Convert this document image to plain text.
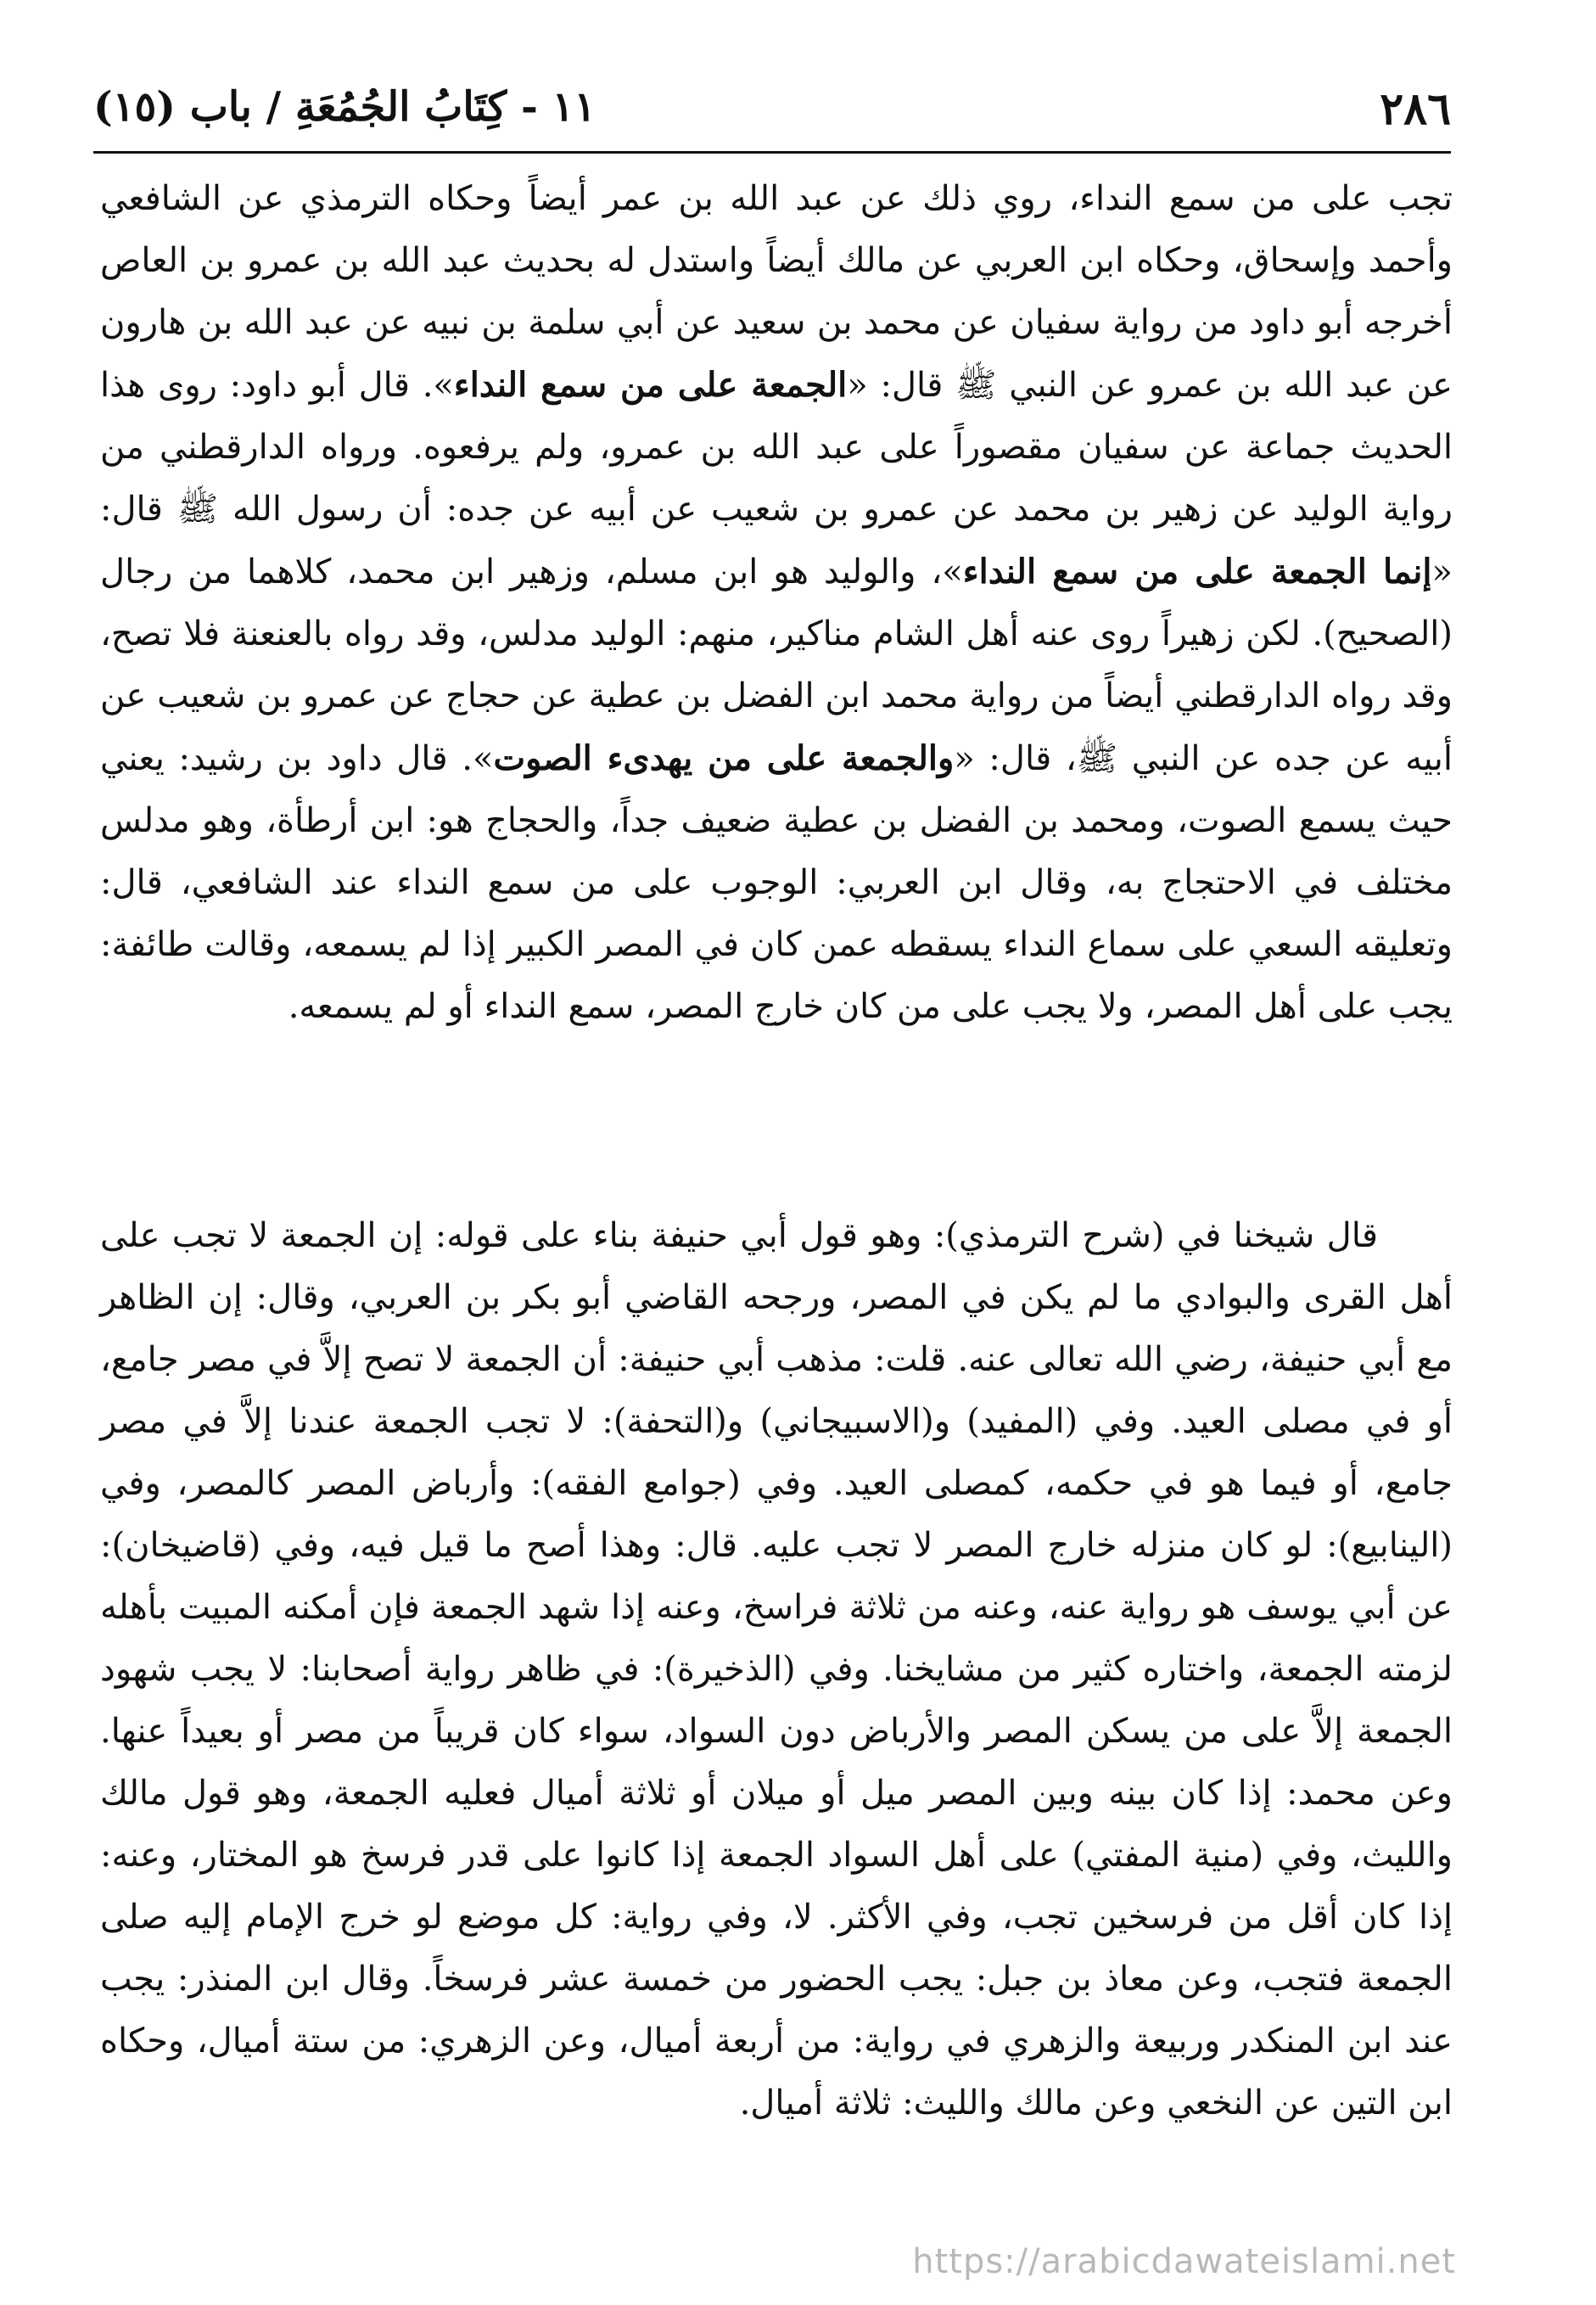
٢٨٦
١١ - كِتَابُ الجُمُعَةِ / باب (١٥)
تجب على من سمع النداء، روي ذلك عن عبد الله بن عمر أيضاً وحكاه الترمذي عن الشافعي وأحمد وإسحاق، وحكاه ابن العربي عن مالك أيضاً واستدل له بحديث عبد الله بن عمرو بن العاص أخرجه أبو داود من رواية سفيان عن محمد بن سعيد عن أبي سلمة بن نبيه عن عبد الله بن هارون عن عبد الله بن عمرو عن النبي ﷺ قال: «الجمعة على من سمع النداء». قال أبو داود: روى هذا الحديث جماعة عن سفيان مقصوراً على عبد الله بن عمرو، ولم يرفعوه. ورواه الدارقطني من رواية الوليد عن زهير بن محمد عن عمرو بن شعيب عن أبيه عن جده: أن رسول الله ﷺ قال: «إنما الجمعة على من سمع النداء»، والوليد هو ابن مسلم، وزهير ابن محمد، كلاهما من رجال (الصحيح). لكن زهيراً روى عنه أهل الشام مناكير، منهم: الوليد مدلس، وقد رواه بالعنعنة فلا تصح، وقد رواه الدارقطني أيضاً من رواية محمد ابن الفضل بن عطية عن حجاج عن عمرو بن شعيب عن أبيه عن جده عن النبي ﷺ، قال: «والجمعة على من يهدىء الصوت». قال داود بن رشيد: يعني حيث يسمع الصوت، ومحمد بن الفضل بن عطية ضعيف جداً، والحجاج هو: ابن أرطأة، وهو مدلس مختلف في الاحتجاج به، وقال ابن العربي: الوجوب على من سمع النداء عند الشافعي، قال: وتعليقه السعي على سماع النداء يسقطه عمن كان في المصر الكبير إذا لم يسمعه، وقالت طائفة: يجب على أهل المصر، ولا يجب على من كان خارج المصر، سمع النداء أو لم يسمعه.
قال شيخنا في (شرح الترمذي): وهو قول أبي حنيفة بناء على قوله: إن الجمعة لا تجب على أهل القرى والبوادي ما لم يكن في المصر، ورجحه القاضي أبو بكر بن العربي، وقال: إن الظاهر مع أبي حنيفة، رضي الله تعالى عنه. قلت: مذهب أبي حنيفة: أن الجمعة لا تصح إلاَّ في مصر جامع، أو في مصلى العيد. وفي (المفيد) و(الاسبيجاني) و(التحفة): لا تجب الجمعة عندنا إلاَّ في مصر جامع، أو فيما هو في حكمه، كمصلى العيد. وفي (جوامع الفقه): وأرباض المصر كالمصر، وفي (الينابيع): لو كان منزله خارج المصر لا تجب عليه. قال: وهذا أصح ما قيل فيه، وفي (قاضيخان): عن أبي يوسف هو رواية عنه، وعنه من ثلاثة فراسخ، وعنه إذا شهد الجمعة فإن أمكنه المبيت بأهله لزمته الجمعة، واختاره كثير من مشايخنا. وفي (الذخيرة): في ظاهر رواية أصحابنا: لا يجب شهود الجمعة إلاَّ على من يسكن المصر والأرباض دون السواد، سواء كان قريباً من مصر أو بعيداً عنها. وعن محمد: إذا كان بينه وبين المصر ميل أو ميلان أو ثلاثة أميال فعليه الجمعة، وهو قول مالك والليث، وفي (منية المفتي) على أهل السواد الجمعة إذا كانوا على قدر فرسخ هو المختار، وعنه: إذا كان أقل من فرسخين تجب، وفي الأكثر. لا، وفي رواية: كل موضع لو خرج الإمام إليه صلى الجمعة فتجب، وعن معاذ بن جبل: يجب الحضور من خمسة عشر فرسخاً. وقال ابن المنذر: يجب عند ابن المنكدر وربيعة والزهري في رواية: من أربعة أميال، وعن الزهري: من ستة أميال، وحكاه ابن التين عن النخعي وعن مالك والليث: ثلاثة أميال.
https://arabicdawateislami.net
